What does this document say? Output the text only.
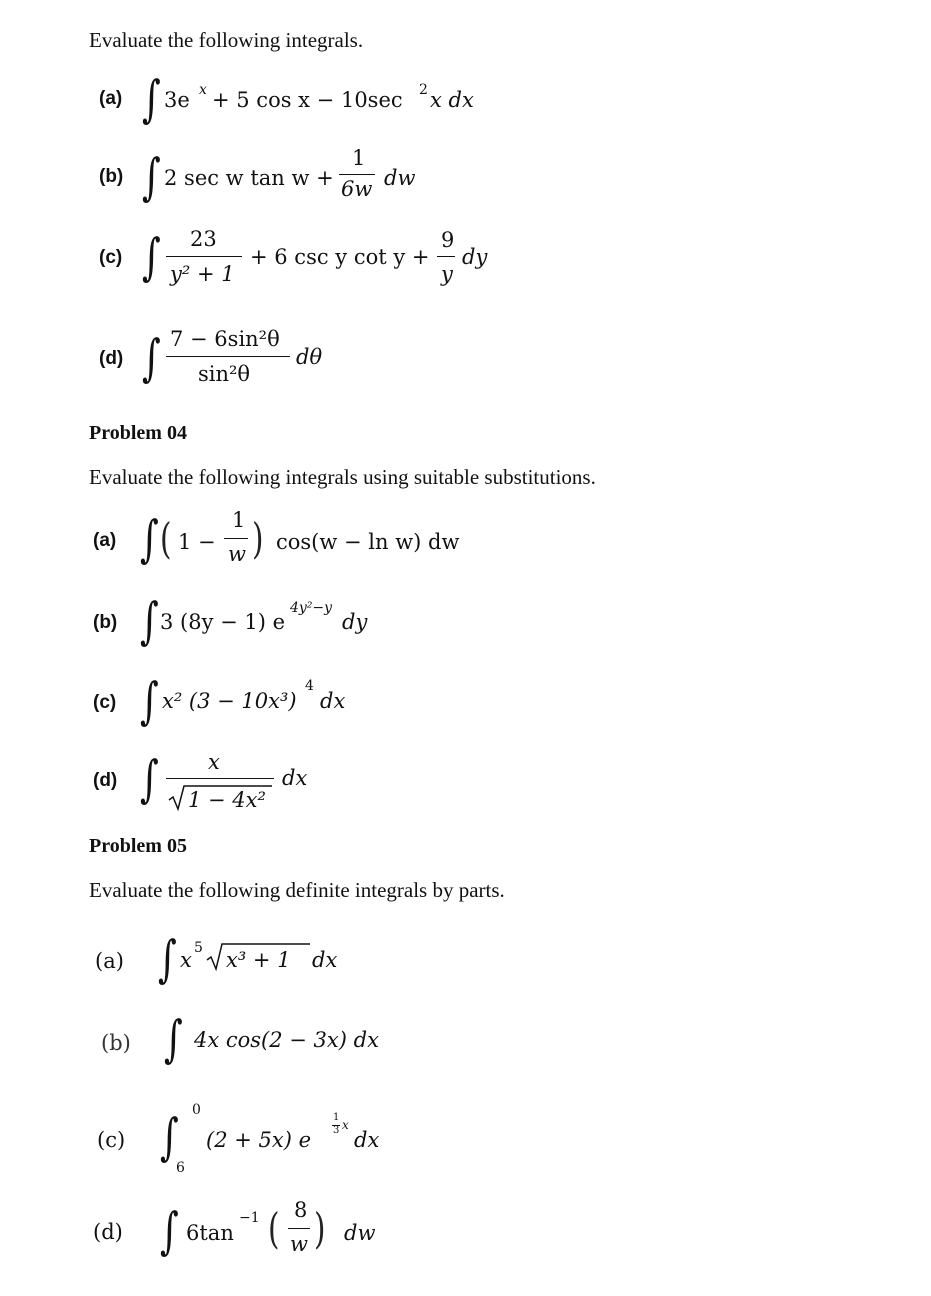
Evaluate the following integrals.
(a) ∫ 3e x + 5 cos x − 10sec 2 x dx
(b) ∫ 2 sec w tan w +
1
6w dw
(c) ∫ 23
y² + 1
+ 6 csc y cot y +
9
y
dy
(d) ∫ 7 − 6sin²θ
sin²θ
dθ
Problem 04
Evaluate the following integrals using suitable substitutions.
(a) ∫ ( 1 −
1
w ) cos(w − ln w) dw
(b) ∫ 3 (8y − 1) e
4y²−y
dy
(c) ∫ x² (3 − 10x³)
4
dx
(d) ∫ x
1 − 4x²
dx
Problem 05
Evaluate the following definite integrals by parts.
(a) ∫ x 5 x³ + 1 dx
(b) ∫ 4x cos(2 − 3x) dx
(c) ∫ 0
6
(2 + 5x) e
1
3 x
dx
(d) ∫ 6tan
−1 ( 8
w ) dw
